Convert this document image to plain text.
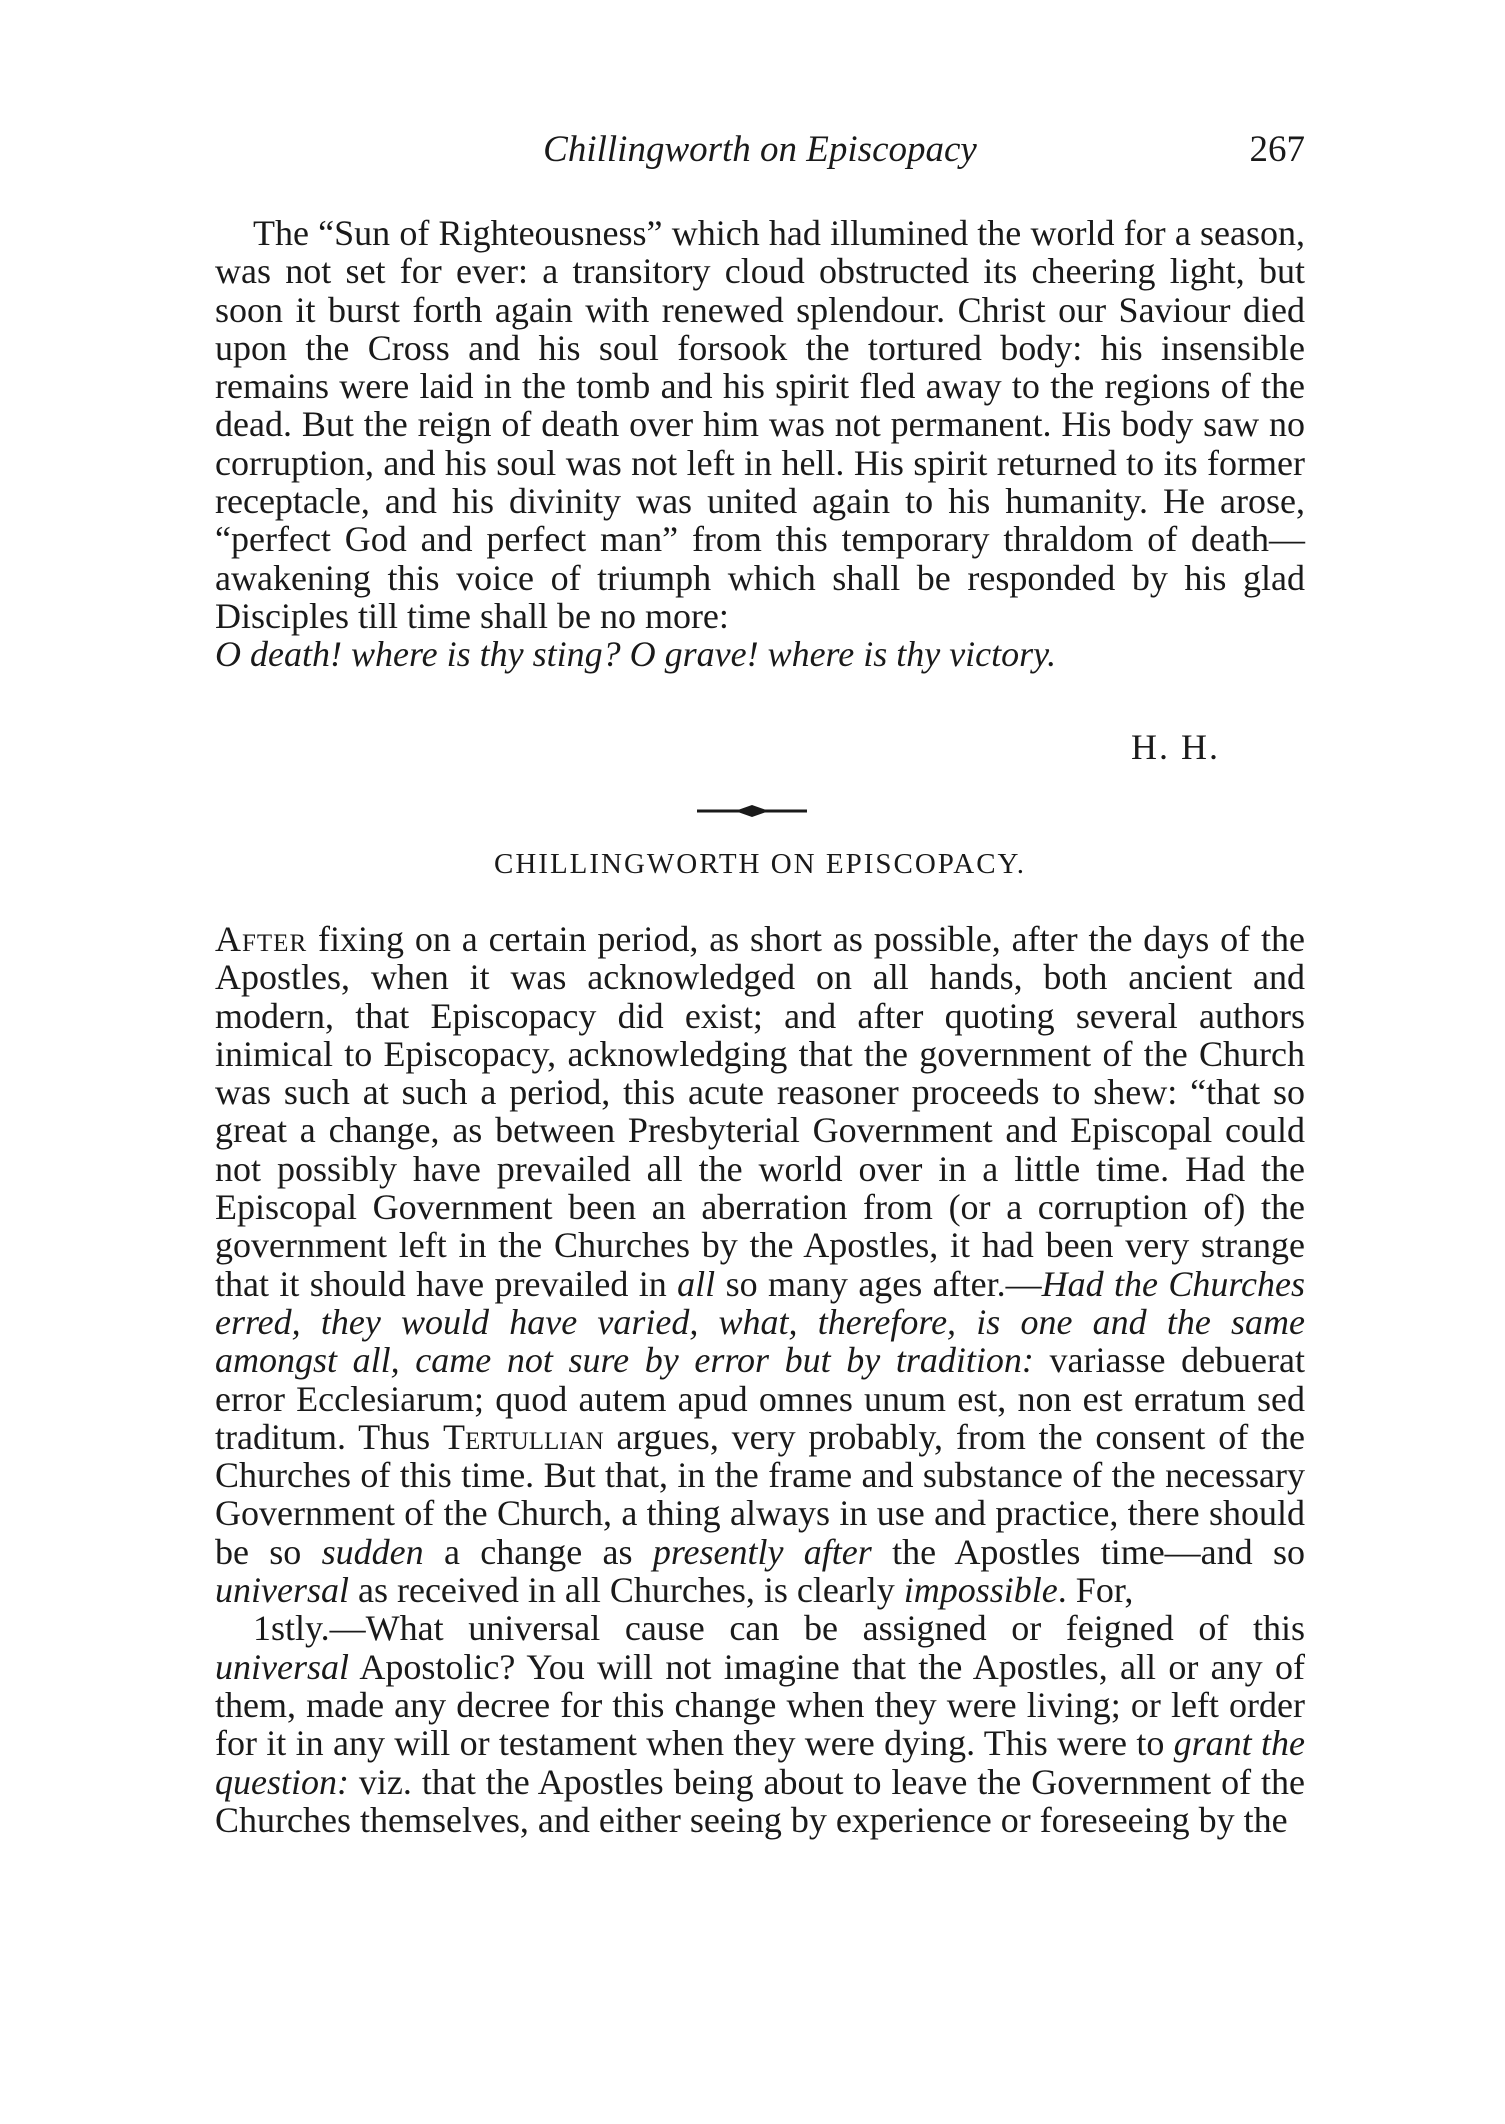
Chillingworth on Episcopacy	267

The “Sun of Righteousness” which had illumined the world for a season, was not set for ever: a transitory cloud obstructed its cheering light, but soon it burst forth again with renewed splendour. Christ our Saviour died upon the Cross and his soul forsook the tortured body: his insensible remains were laid in the tomb and his spirit fled away to the regions of the dead. But the reign of death over him was not permanent. His body saw no corruption, and his soul was not left in hell. His spirit returned to its former receptacle, and his divinity was united again to his humanity. He arose, “perfect God and perfect man” from this temporary thraldom of death—awakening this voice of triumph which shall be responded by his glad Disciples till time shall be no more:

O death! where is thy sting? O grave! where is thy victory.

H. H.
CHILLINGWORTH ON EPISCOPACY.

After fixing on a certain period, as short as possible, after the days of the Apostles, when it was acknowledged on all hands, both ancient and modern, that Episcopacy did exist; and after quoting several authors inimical to Episcopacy, acknowledging that the government of the Church was such at such a period, this acute reasoner proceeds to shew: “that so great a change, as between Presbyterial Government and Episcopal could not possibly have prevailed all the world over in a little time. Had the Episcopal Government been an aberration from (or a corruption of) the government left in the Churches by the Apostles, it had been very strange that it should have prevailed in all so many ages after.—Had the Churches erred, they would have varied, what, therefore, is one and the same amongst all, came not sure by error but by tradition: variasse debuerat error Ecclesiarum; quod autem apud omnes unum est, non est erratum sed traditum. Thus Tertullian argues, very probably, from the consent of the Churches of this time. But that, in the frame and substance of the necessary Government of the Church, a thing always in use and practice, there should be so sudden a change as presently after the Apostles time—and so universal as received in all Churches, is clearly impossible. For,

1stly.—What universal cause can be assigned or feigned of this universal Apostolic? You will not imagine that the Apostles, all or any of them, made any decree for this change when they were living; or left order for it in any will or testament when they were dying. This were to grant the question: viz. that the Apostles being about to leave the Government of the Churches themselves, and either seeing by experience or foreseeing by the
